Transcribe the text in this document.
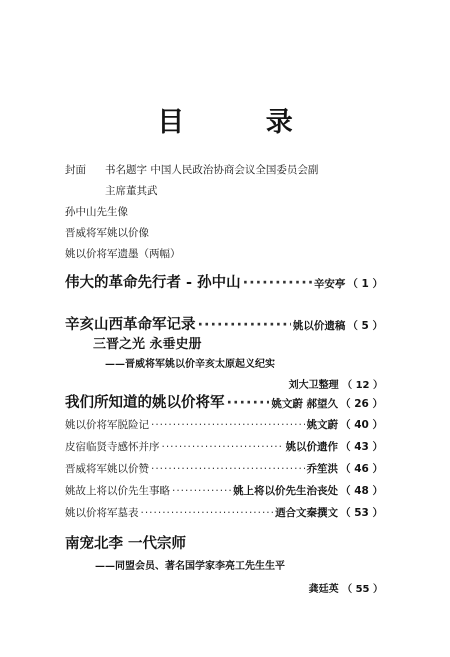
目 录
封面 书名题字 中国人民政治协商会议全国委员会副
主席董其武
孙中山先生像
晋威将军姚以价像
姚以价将军遗墨（两幅）
伟大的革命先行者 - 孙中山 ·····	辛安亭 （ 1 ）
辛亥山西革命军记录 ·····	姚以价遗稿 （ 5 ）
三晋之光 永垂史册
——晋威将军姚以价辛亥太原起义纪实
刘大卫整理 （ 12 ）
我们所知道的姚以价将军 ·····	姚文蔚 郝望久 （ 26 ）
姚以价将军脱险记 ·····	姚文蔚 （ 40 ）
皮宿临贤寺感怀并序 ·····	姚以价遗作 （ 43 ）
晋威将军姚以价赞 ·····	乔笙洪 （ 46 ）
姚故上将以价先生事略 ·····	姚上将以价先生治丧处 （ 48 ）
姚以价将军墓表 ·····	迺合文秦撰文 （ 53 ）
南宠北李 一代宗师
——同盟会员、著名国学家李亮工先生生平
龚廷英 （ 55 ）
